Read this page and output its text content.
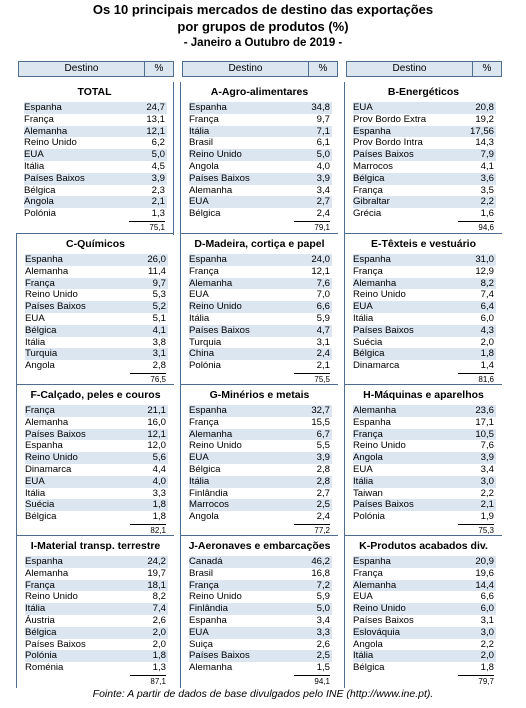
Os 10 principais mercados de destino das exportações
por grupos de produtos (%)
- Janeiro a Outubro de 2019 -
Destino	%	Destino	%	Destino	%
TOTAL
Espanha	24,7
França	13,1
Alemanha	12,1
Reino Unido	6,2
EUA	5,0
Itália	4,5
Países Baixos	3,9
Bélgica	2,3
Angola	2,1
Polónia	1,3
75,1
A-Agro-alimentares
Espanha	34,8
França	9,7
Itália	7,1
Brasil	6,1
Reino Unido	5,0
Angola	4,0
Países Baixos	3,9
Alemanha	3,4
EUA	2,7
Bélgica	2,4
79,1
B-Energéticos
EUA	20,8
Prov Bordo Extra	19,2
Espanha	17,56
Prov Bordo Intra	14,3
Países Baixos	7,9
Marrocos	4,1
Bélgica	3,6
França	3,5
Gibraltar	2,2
Grécia	1,6
94,6
C-Químicos
Espanha	26,0
Alemanha	11,4
França	9,7
Reino Unido	5,3
Países Baixos	5,2
EUA	5,1
Bélgica	4,1
Itália	3,8
Turquia	3,1
Angola	2,8
76,5
D-Madeira, cortiça e papel
Espanha	24,0
França	12,1
Alemanha	7,6
EUA	7,0
Reino Unido	6,6
Itália	5,9
Países Baixos	4,7
Turquia	3,1
China	2,4
Polónia	2,1
75,5
E-Têxteis e vestuário
Espanha	31,0
França	12,9
Alemanha	8,2
Reino Unido	7,4
EUA	6,4
Itália	6,0
Países Baixos	4,3
Suécia	2,0
Bélgica	1,8
Dinamarca	1,4
81,6
F-Calçado, peles e couros
França	21,1
Alemanha	16,0
Países Baixos	12,1
Espanha	12,0
Reino Unido	5,6
Dinamarca	4,4
EUA	4,0
Itália	3,3
Suécia	1,8
Bélgica	1,8
82,1
G-Minérios e metais
Espanha	32,7
França	15,5
Alemanha	6,7
Reino Unido	5,5
EUA	3,9
Bélgica	2,8
Itália	2,8
Finlândia	2,7
Marrocos	2,5
Angola	2,4
77,2
H-Máquinas e aparelhos
Alemanha	23,6
Espanha	17,1
França	10,5
Reino Unido	7,6
Angola	3,9
EUA	3,4
Itália	3,0
Taiwan	2,2
Países Baixos	2,1
Polónia	1,9
75,3
I-Material transp. terrestre
Espanha	24,2
Alemanha	19,7
França	18,1
Reino Unido	8,2
Itália	7,4
Áustria	2,6
Bélgica	2,0
Países Baixos	2,0
Polónia	1,8
Roménia	1,3
87,1
J-Aeronaves e embarcações
Canadá	46,2
Brasil	16,8
França	7,2
Reino Unido	5,9
Finlândia	5,0
Espanha	3,4
EUA	3,3
Suiça	2,6
Países Baixos	2,5
Alemanha	1,5
94,1
K-Produtos acabados div.
Espanha	20,9
França	19,6
Alemanha	14,4
EUA	6,6
Reino Unido	6,0
Países Baixos	3,1
Eslováquia	3,0
Angola	2,2
Itália	2,0
Bélgica	1,8
79,7
Fointe: A partir de dados de base divulgados pelo INE (http://www.ine.pt).
